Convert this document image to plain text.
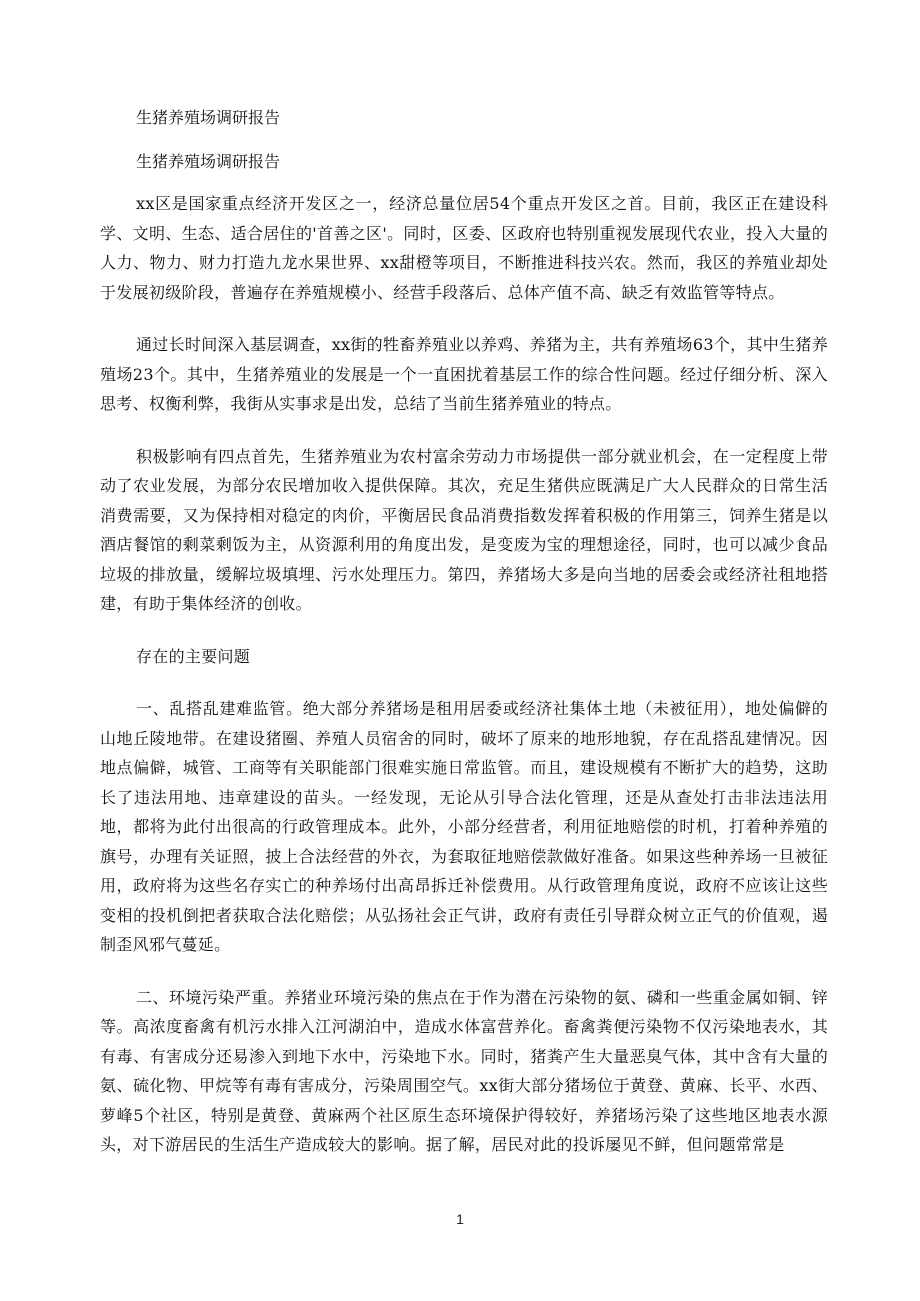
生猪养殖场调研报告
生猪养殖场调研报告

xx区是国家重点经济开发区之一，经济总量位居54个重点开发区之首。目前，我区正在建设科学、文明、生态、适合居住的'首善之区'。同时，区委、区政府也特别重视发展现代农业，投入大量的人力、物力、财力打造九龙水果世界、xx甜橙等项目，不断推进科技兴农。然而，我区的养殖业却处于发展初级阶段，普遍存在养殖规模小、经营手段落后、总体产值不高、缺乏有效监管等特点。

通过长时间深入基层调查，xx街的牲畜养殖业以养鸡、养猪为主，共有养殖场63个，其中生猪养殖场23个。其中，生猪养殖业的发展是一个一直困扰着基层工作的综合性问题。经过仔细分析、深入思考、权衡利弊，我街从实事求是出发，总结了当前生猪养殖业的特点。

积极影响有四点首先，生猪养殖业为农村富余劳动力市场提供一部分就业机会，在一定程度上带动了农业发展，为部分农民增加收入提供保障。其次，充足生猪供应既满足广大人民群众的日常生活消费需要，又为保持相对稳定的肉价，平衡居民食品消费指数发挥着积极的作用第三，饲养生猪是以酒店餐馆的剩菜剩饭为主，从资源利用的角度出发，是变废为宝的理想途径，同时，也可以减少食品垃圾的排放量，缓解垃圾填埋、污水处理压力。第四，养猪场大多是向当地的居委会或经济社租地搭建，有助于集体经济的创收。

存在的主要问题

一、乱搭乱建难监管。绝大部分养猪场是租用居委或经济社集体土地（未被征用），地处偏僻的山地丘陵地带。在建设猪圈、养殖人员宿舍的同时，破坏了原来的地形地貌，存在乱搭乱建情况。因地点偏僻，城管、工商等有关职能部门很难实施日常监管。而且，建设规模有不断扩大的趋势，这助长了违法用地、违章建设的苗头。一经发现，无论从引导合法化管理，还是从查处打击非法违法用地，都将为此付出很高的行政管理成本。此外，小部分经营者，利用征地赔偿的时机，打着种养殖的旗号，办理有关证照，披上合法经营的外衣，为套取征地赔偿款做好准备。如果这些种养场一旦被征用，政府将为这些名存实亡的种养场付出高昂拆迁补偿费用。从行政管理角度说，政府不应该让这些变相的投机倒把者获取合法化赔偿；从弘扬社会正气讲，政府有责任引导群众树立正气的价值观，遏制歪风邪气蔓延。

二、环境污染严重。养猪业环境污染的焦点在于作为潜在污染物的氨、磷和一些重金属如铜、锌等。高浓度畜禽有机污水排入江河湖泊中，造成水体富营养化。畜禽粪便污染物不仅污染地表水，其有毒、有害成分还易渗入到地下水中，污染地下水。同时，猪粪产生大量恶臭气体，其中含有大量的氨、硫化物、甲烷等有毒有害成分，污染周围空气。xx街大部分猪场位于黄登、黄麻、长平、水西、萝峰5个社区，特别是黄登、黄麻两个社区原生态环境保护得较好，养猪场污染了这些地区地表水源头，对下游居民的生活生产造成较大的影响。据了解，居民对此的投诉屡见不鲜，但问题常常是

1
